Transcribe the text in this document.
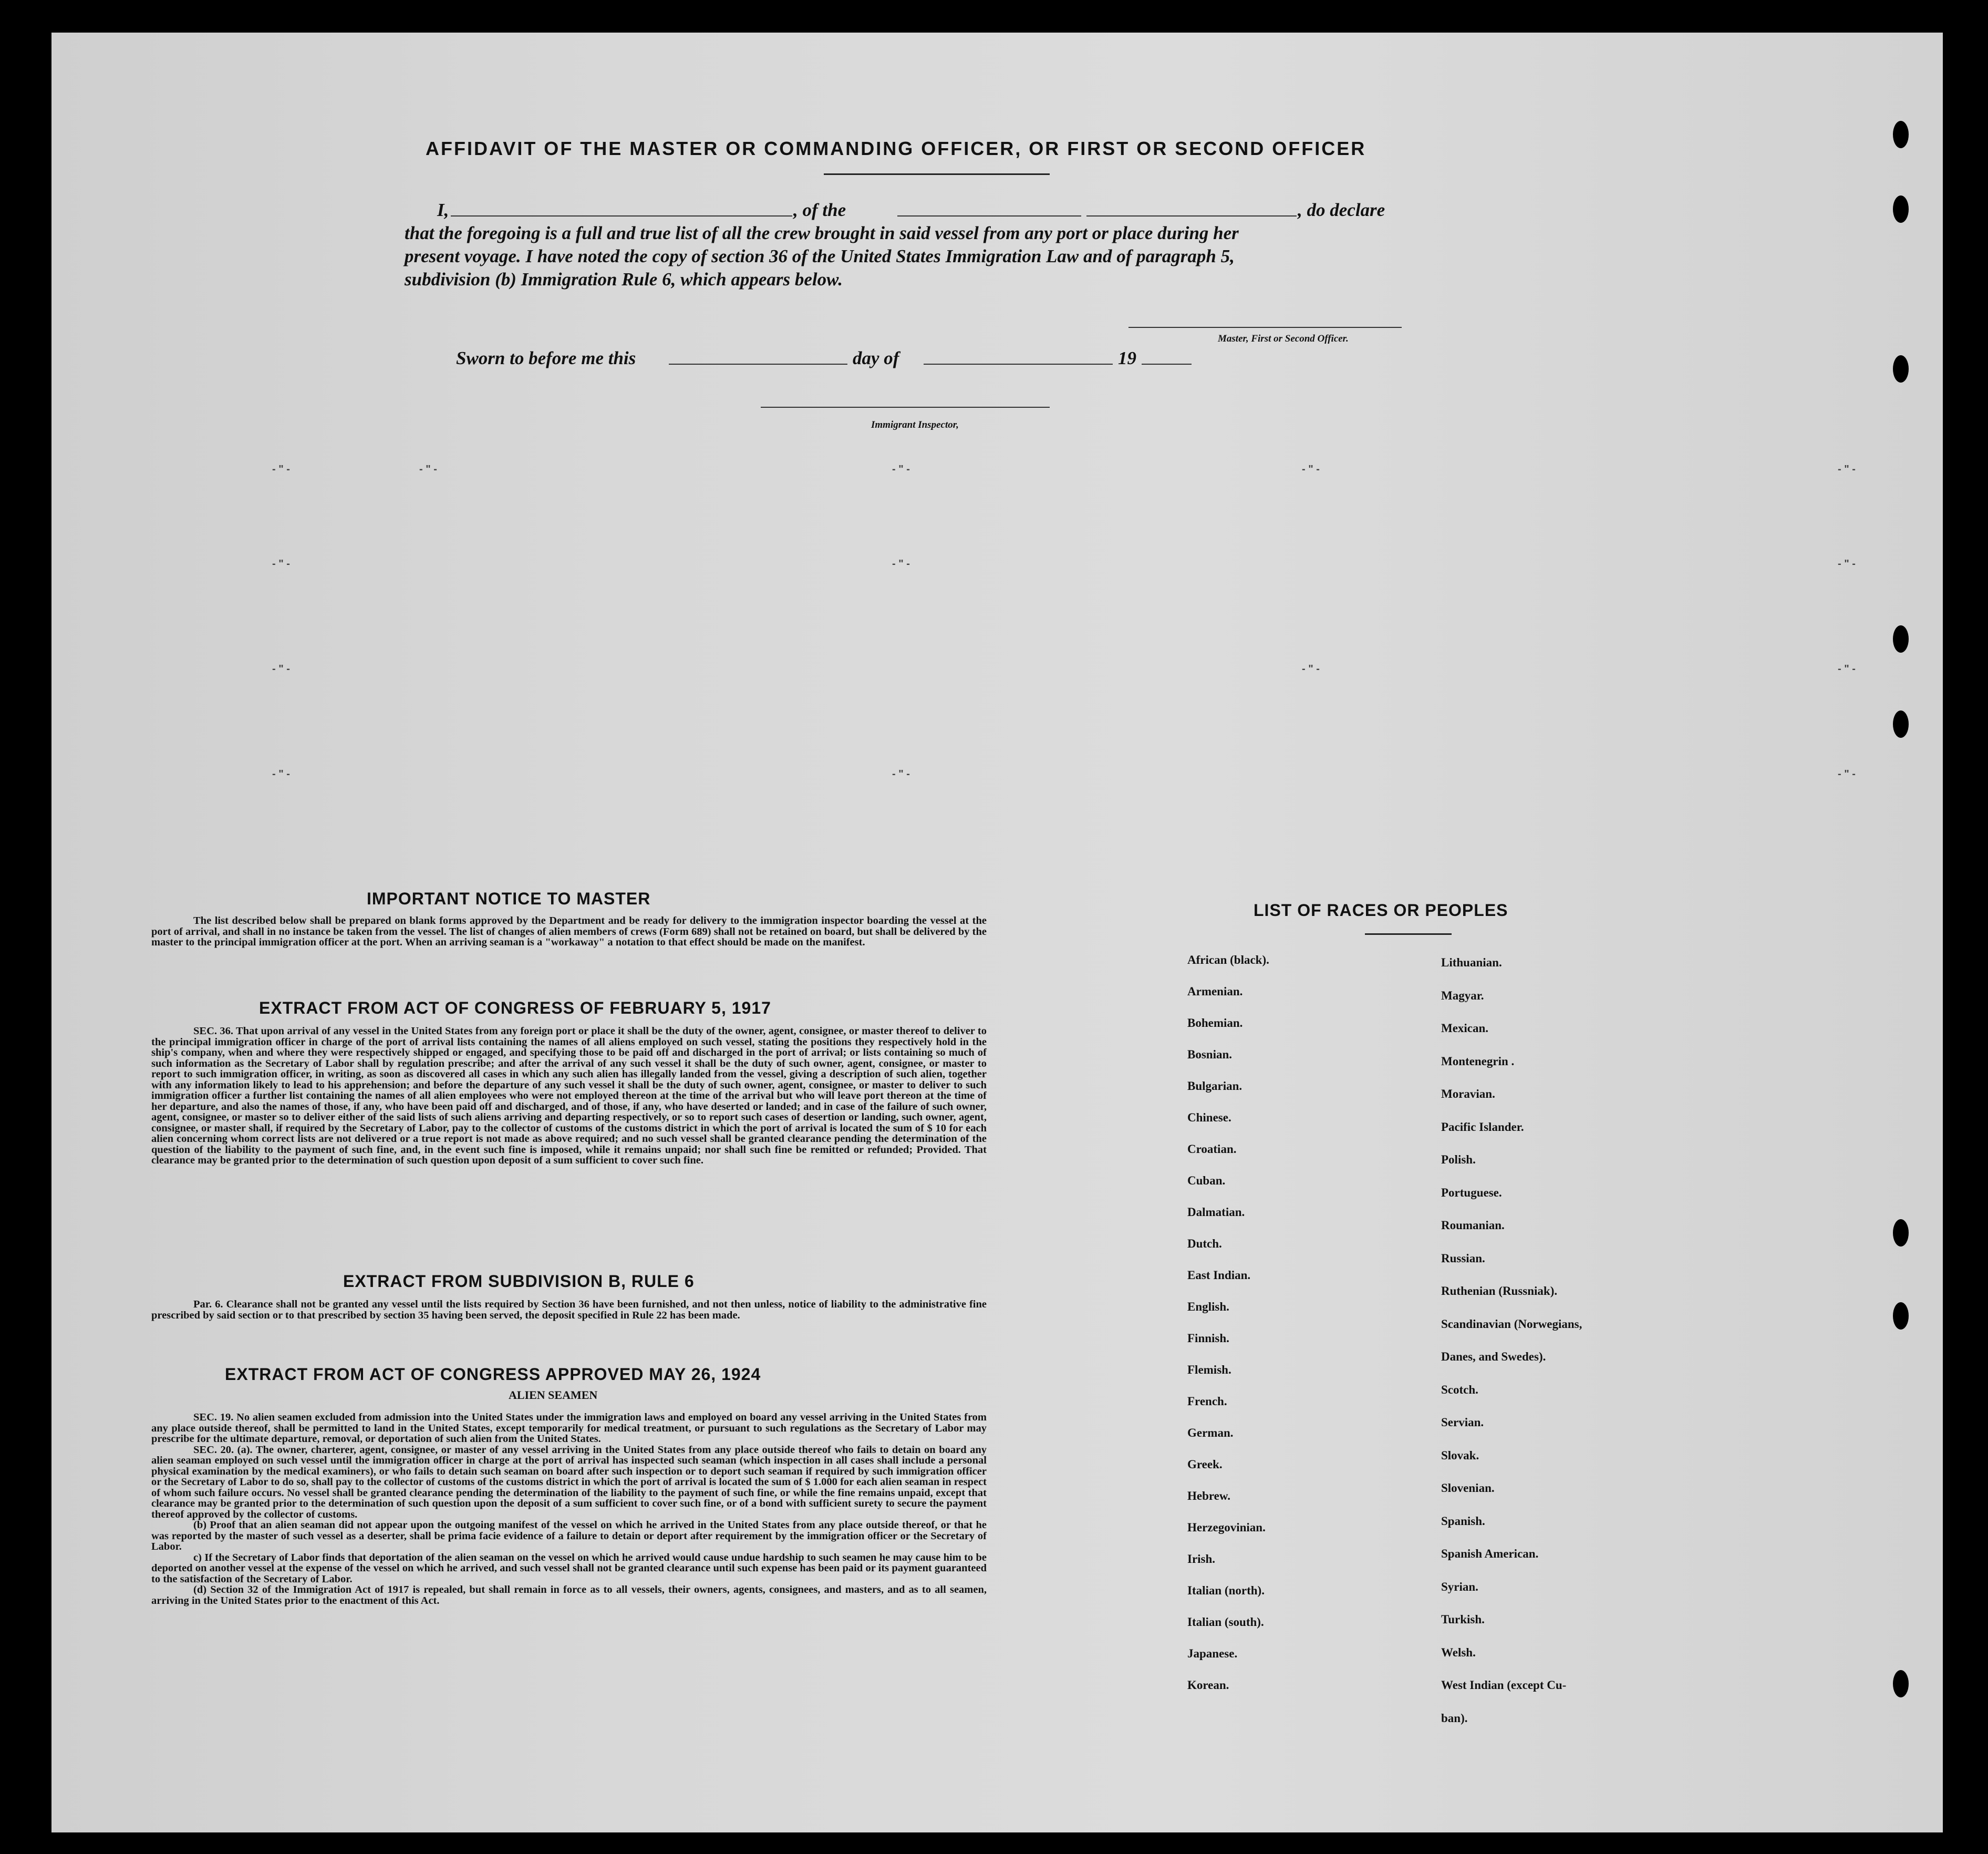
AFFIDAVIT OF THE MASTER OR COMMANDING OFFICER, OR FIRST OR SECOND OFFICER
I,	, of the	, do declare
that the foregoing is a full and true list of all the crew brought in said vessel from any port or place during her
present voyage. I have noted the copy of section 36 of the United States Immigration Law and of paragraph 5,
subdivision (b) Immigration Rule 6, which appears below.
Master, First or Second Officer.
Sworn to before me this	day of	19
Immigrant Inspector,
- " -	- " -	- " -	- " -	- " -
- " -	- " -	- " -
- " -	- " -	- " -
- " -	- " -	- " -
IMPORTANT NOTICE TO MASTER

The list described below shall be prepared on blank forms approved by the Department and be ready for delivery to the immigration inspector boarding the vessel at the port of arrival, and shall in no instance be taken from the vessel. The list of changes of alien members of crews (Form 689) shall not be retained on board, but shall be delivered by the master to the principal immigration officer at the port. When an arriving seaman is a "workaway" a notation to that effect should be made on the manifest.

EXTRACT FROM ACT OF CONGRESS OF FEBRUARY 5, 1917

SEC. 36. That upon arrival of any vessel in the United States from any foreign port or place it shall be the duty of the owner, agent, consignee, or master thereof to deliver to the principal immigration officer in charge of the port of arrival lists containing the names of all aliens employed on such vessel, stating the positions they respectively hold in the ship's company, when and where they were respectively shipped or engaged, and specifying those to be paid off and discharged in the port of arrival; or lists containing so much of such information as the Secretary of Labor shall by regulation prescribe; and after the arrival of any such vessel it shall be the duty of such owner, agent, consignee, or master to report to such immigration officer, in writing, as soon as discovered all cases in which any such alien has illegally landed from the vessel, giving a description of such alien, together with any information likely to lead to his apprehension; and before the departure of any such vessel it shall be the duty of such owner, agent, consignee, or master to deliver to such immigration officer a further list containing the names of all alien employees who were not employed thereon at the time of the arrival but who will leave port thereon at the time of her departure, and also the names of those, if any, who have been paid off and discharged, and of those, if any, who have deserted or landed; and in case of the failure of such owner, agent, consignee, or master so to deliver either of the said lists of such aliens arriving and departing respectively, or so to report such cases of desertion or landing, such owner, agent, consignee, or master shall, if required by the Secretary of Labor, pay to the collector of customs of the customs district in which the port of arrival is located the sum of $ 10 for each alien concerning whom correct lists are not delivered or a true report is not made as above required; and no such vessel shall be granted clearance pending the determination of the question of the liability to the payment of such fine, and, in the event such fine is imposed, while it remains unpaid; nor shall such fine be remitted or refunded; Provided. That clearance may be granted prior to the determination of such question upon deposit of a sum sufficient to cover such fine.

EXTRACT FROM SUBDIVISION B, RULE 6

Par. 6. Clearance shall not be granted any vessel until the lists required by Section 36 have been furnished, and not then unless, notice of liability to the administrative fine prescribed by said section or to that prescribed by section 35 having been served, the deposit specified in Rule 22 has been made.

EXTRACT FROM ACT OF CONGRESS APPROVED MAY 26, 1924
ALIEN SEAMEN

SEC. 19. No alien seamen excluded from admission into the United States under the immigration laws and employed on board any vessel arriving in the United States from any place outside thereof, shall be permitted to land in the United States, except temporarily for medical treatment, or pursuant to such regulations as the Secretary of Labor may prescribe for the ultimate departure, removal, or deportation of such alien from the United States.

SEC. 20. (a). The owner, charterer, agent, consignee, or master of any vessel arriving in the United States from any place outside thereof who fails to detain on board any alien seaman employed on such vessel until the immigration officer in charge at the port of arrival has inspected such seaman (which inspection in all cases shall include a personal physical examination by the medical examiners), or who fails to detain such seaman on board after such inspection or to deport such seaman if required by such immigration officer or the Secretary of Labor to do so, shall pay to the collector of customs of the customs district in which the port of arrival is located the sum of $ 1.000 for each alien seaman in respect of whom such failure occurs. No vessel shall be granted clearance pending the determination of the liability to the payment of such fine, or while the fine remains unpaid, except that clearance may be granted prior to the determination of such question upon the deposit of a sum sufficient to cover such fine, or of a bond with sufficient surety to secure the payment thereof approved by the collector of customs.

(b) Proof that an alien seaman did not appear upon the outgoing manifest of the vessel on which he arrived in the United States from any place outside thereof, or that he was reported by the master of such vessel as a deserter, shall be prima facie evidence of a failure to detain or deport after requirement by the immigration officer or the Secretary of Labor.

c) If the Secretary of Labor finds that deportation of the alien seaman on the vessel on which he arrived would cause undue hardship to such seamen he may cause him to be deported on another vessel at the expense of the vessel on which he arrived, and such vessel shall not be granted clearance until such expense has been paid or its payment guaranteed to the satisfaction of the Secretary of Labor.

(d) Section 32 of the Immigration Act of 1917 is repealed, but shall remain in force as to all vessels, their owners, agents, consignees, and masters, and as to all seamen, arriving in the United States prior to the enactment of this Act.

LIST OF RACES OR PEOPLES
African (black).
Armenian.
Bohemian.
Bosnian.
Bulgarian.
Chinese.
Croatian.
Cuban.
Dalmatian.
Dutch.
East Indian.
English.
Finnish.
Flemish.
French.
German.
Greek.
Hebrew.
Herzegovinian.
Irish.
Italian (north).
Italian (south).
Japanese.
Korean.
Lithuanian.
Magyar.
Mexican.
Montenegrin .
Moravian.
Pacific Islander.
Polish.
Portuguese.
Roumanian.
Russian.
Ruthenian (Russniak).
Scandinavian (Norwegians,
Danes, and Swedes).
Scotch.
Servian.
Slovak.
Slovenian.
Spanish.
Spanish American.
Syrian.
Turkish.
Welsh.
West Indian (except Cu-
ban).
